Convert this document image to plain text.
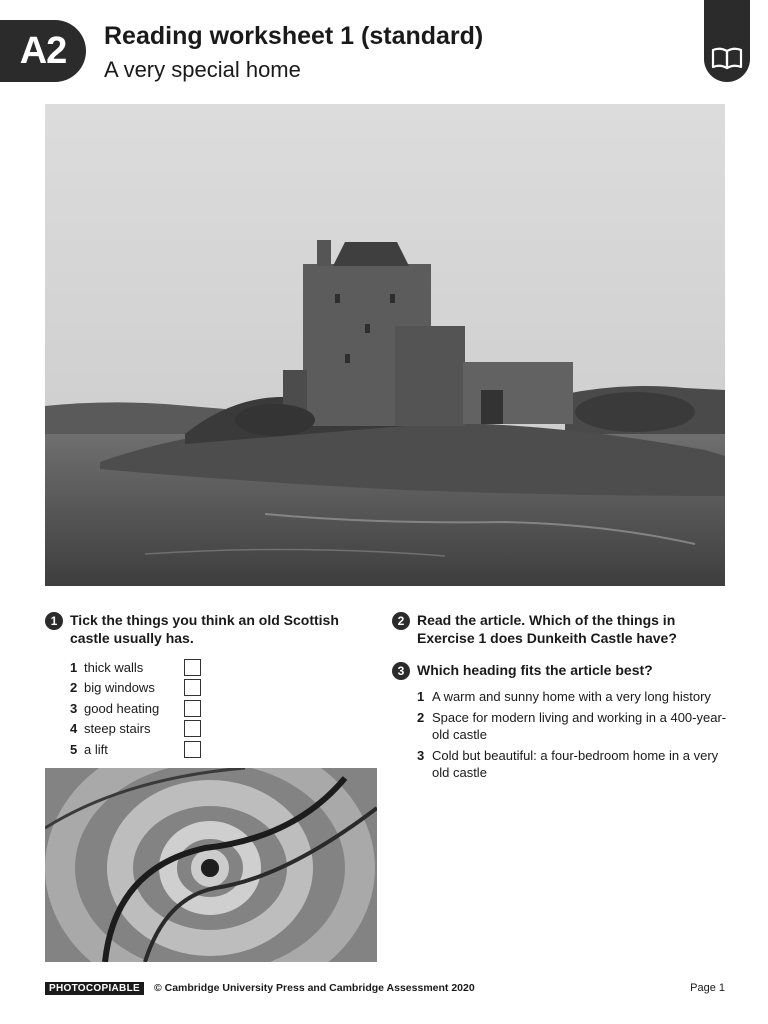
A2	Reading worksheet 1 (standard)
A very special home
1 Tick the things you think an old Scottish castle usually has.
1 thick walls
2 big windows
3 good heating
4 steep stairs
5 a lift
2 Read the article. Which of the things in Exercise 1 does Dunkeith Castle have?
3 Which heading fits the article best?
1 A warm and sunny home with a very long history
2 Space for modern living and working in a 400-year-old castle
3 Cold but beautiful: a four-bedroom home in a very old castle
PHOTOCOPIABLE	© Cambridge University Press and Cambridge Assessment 2020	Page 1
